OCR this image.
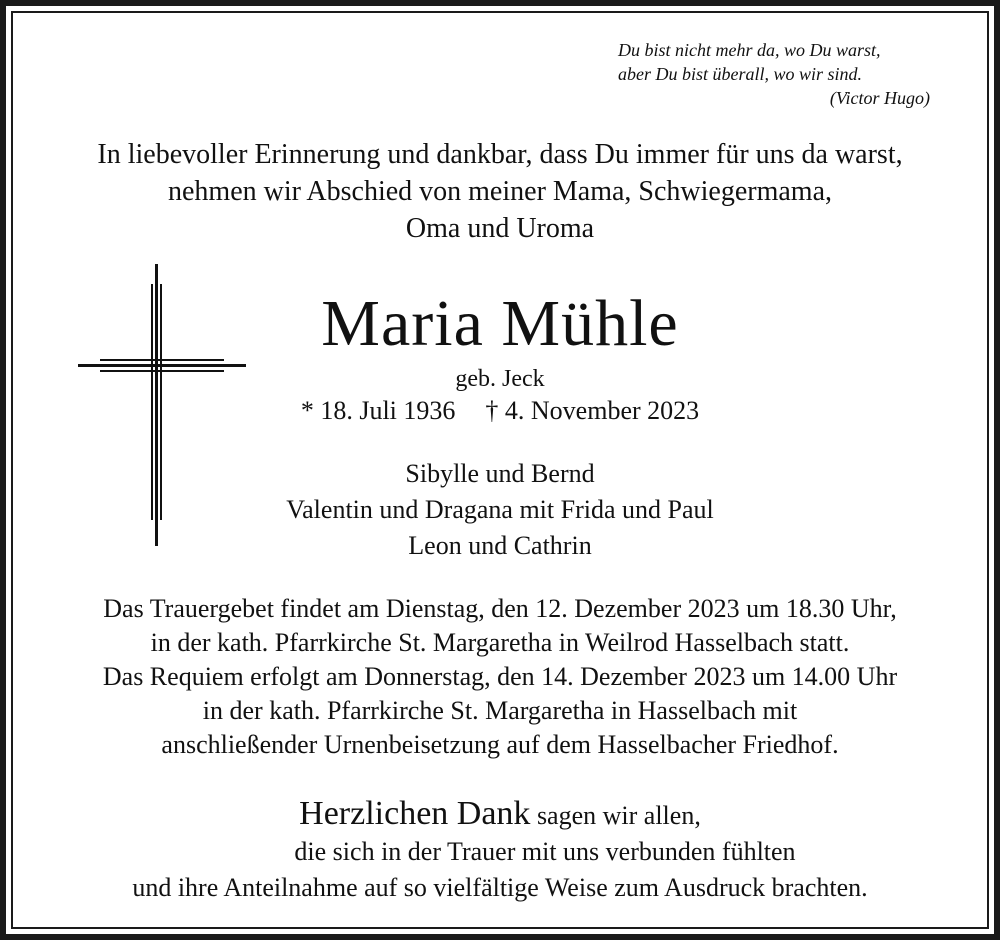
Du bist nicht mehr da, wo Du warst,
aber Du bist überall, wo wir sind.
(Victor Hugo)
In liebevoller Erinnerung und dankbar, dass Du immer für uns da warst,
nehmen wir Abschied von meiner Mama, Schwiegermama,
Oma und Uroma
Maria Mühle
geb. Jeck
* 18. Juli 1936 † 4. November 2023
Sibylle und Bernd
Valentin und Dragana mit Frida und Paul
Leon und Cathrin
Das Trauergebet findet am Dienstag, den 12. Dezember 2023 um 18.30 Uhr,
in der kath. Pfarrkirche St. Margaretha in Weilrod Hasselbach statt.
Das Requiem erfolgt am Donnerstag, den 14. Dezember 2023 um 14.00 Uhr
in der kath. Pfarrkirche St. Margaretha in Hasselbach mit
anschließender Urnenbeisetzung auf dem Hasselbacher Friedhof.
Herzlichen Dank sagen wir allen,
die sich in der Trauer mit uns verbunden fühlten
und ihre Anteilnahme auf so vielfältige Weise zum Ausdruck brachten.
